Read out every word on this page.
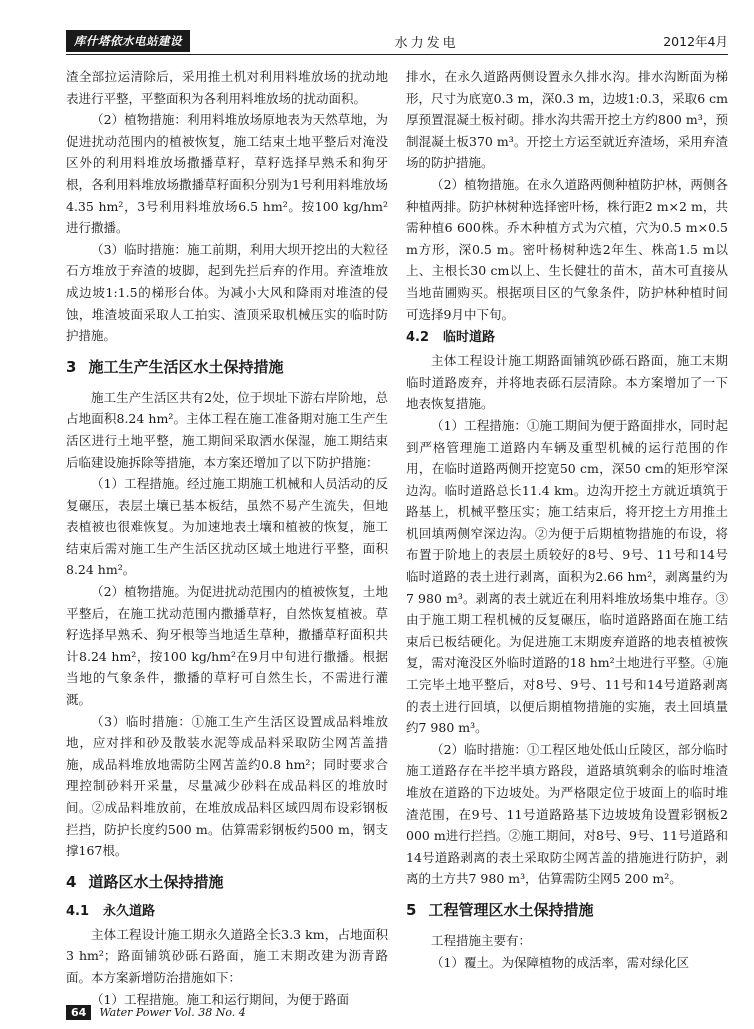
库什塔依水电站建设	水力发电	2012年4月

渣全部拉运清除后，采用推土机对利用料堆放场的扰动地表进行平整，平整面积为各利用料堆放场的扰动面积。

（2）植物措施：利用料堆放场原地表为天然草地，为促进扰动范围内的植被恢复，施工结束土地平整后对淹没区外的利用料堆放场撒播草籽，草籽选择早熟禾和狗牙根，各利用料堆放场撒播草籽面积分别为1号利用料堆放场4.35 hm²，3号利用料堆放场6.5 hm²。按100 kg/hm²进行撒播。

（3）临时措施：施工前期，利用大坝开挖出的大粒径石方堆放于弃渣的坡脚，起到先拦后弃的作用。弃渣堆放成边坡1:1.5的梯形台体。为减小大风和降雨对堆渣的侵蚀，堆渣坡面采取人工拍实、渣顶采取机械压实的临时防护措施。

3 施工生产生活区水土保持措施

施工生产生活区共有2处，位于坝址下游右岸阶地，总占地面积8.24 hm²。主体工程在施工准备期对施工生产生活区进行土地平整，施工期间采取洒水保湿，施工期结束后临建设施拆除等措施，本方案还增加了以下防护措施：

（1）工程措施。经过施工期施工机械和人员活动的反复碾压，表层土壤已基本板结，虽然不易产生流失，但地表植被也很难恢复。为加速地表土壤和植被的恢复，施工结束后需对施工生产生活区扰动区域土地进行平整，面积8.24 hm²。

（2）植物措施。为促进扰动范围内的植被恢复，土地平整后，在施工扰动范围内撒播草籽，自然恢复植被。草籽选择早熟禾、狗牙根等当地适生草种，撒播草籽面积共计8.24 hm²，按100 kg/hm²在9月中旬进行撒播。根据当地的气象条件，撒播的草籽可自然生长，不需进行灌溉。

（3）临时措施：①施工生产生活区设置成品料堆放地，应对拌和砂及散装水泥等成品料采取防尘网苫盖措施，成品料堆放地需防尘网苫盖约0.8 hm²；同时要求合理控制砂料开采量，尽量减少砂料在成品料区的堆放时间。②成品料堆放前，在堆放成品料区域四周布设彩钢板拦挡，防护长度约500 m。估算需彩钢板约500 m，钢支撑167根。

4 道路区水土保持措施
4.1 永久道路

主体工程设计施工期永久道路全长3.3 km，占地面积3 hm²；路面铺筑砂砾石路面，施工末期改建为沥青路面。本方案新增防治措施如下：

（1）工程措施。施工和运行期间，为便于路面

排水，在永久道路两侧设置永久排水沟。排水沟断面为梯形，尺寸为底宽0.3 m，深0.3 m，边坡1:0.3，采取6 cm厚预置混凝土板衬砌。排水沟共需开挖土方约800 m³，预制混凝土板370 m³。开挖土方运至就近弃渣场，采用弃渣场的防护措施。

（2）植物措施。在永久道路两侧种植防护林，两侧各种植两排。防护林树种选择密叶杨，株行距2 m×2 m，共需种植6 600株。乔木种植方式为穴植，穴为0.5 m×0.5 m方形，深0.5 m。密叶杨树种选2年生、株高1.5 m以上、主根长30 cm以上、生长健壮的苗木，苗木可直接从当地苗圃购买。根据项目区的气象条件，防护林种植时间可选择9月中下旬。

4.2 临时道路

主体工程设计施工期路面铺筑砂砾石路面，施工末期临时道路废弃，并将地表砾石层清除。本方案增加了一下地表恢复措施。

（1）工程措施：①施工期间为便于路面排水，同时起到严格管理施工道路内车辆及重型机械的运行范围的作用，在临时道路两侧开挖宽50 cm，深50 cm的矩形窄深边沟。临时道路总长11.4 km。边沟开挖土方就近填筑于路基上，机械平整压实；施工结束后，将开挖土方用推土机回填两侧窄深边沟。②为便于后期植物措施的布设，将布置于阶地上的表层土质较好的8号、9号、11号和14号临时道路的表土进行剥离，面积为2.66 hm²，剥离量约为7 980 m³。剥离的表土就近在利用料堆放场集中堆存。③由于施工期工程机械的反复碾压，临时道路路面在施工结束后已板结硬化。为促进施工末期废弃道路的地表植被恢复，需对淹没区外临时道路的18 hm²土地进行平整。④施工完毕土地平整后，对8号、9号、11号和14号道路剥离的表土进行回填，以便后期植物措施的实施，表土回填量约7 980 m³。

（2）临时措施：①工程区地处低山丘陵区，部分临时施工道路存在半挖半填方路段，道路填筑剩余的临时堆渣堆放在道路的下边坡处。为严格限定位于坡面上的临时堆渣范围，在9号、11号道路路基下边坡坡角设置彩钢板2 000 m进行拦挡。②施工期间，对8号、9号、11号道路和14号道路剥离的表土采取防尘网苫盖的措施进行防护，剥离的土方共7 980 m³，估算需防尘网5 200 m²。

5 工程管理区水土保持措施

工程措施主要有：

（1）覆土。为保障植物的成活率，需对绿化区

64	Water Power Vol. 38 No. 4
